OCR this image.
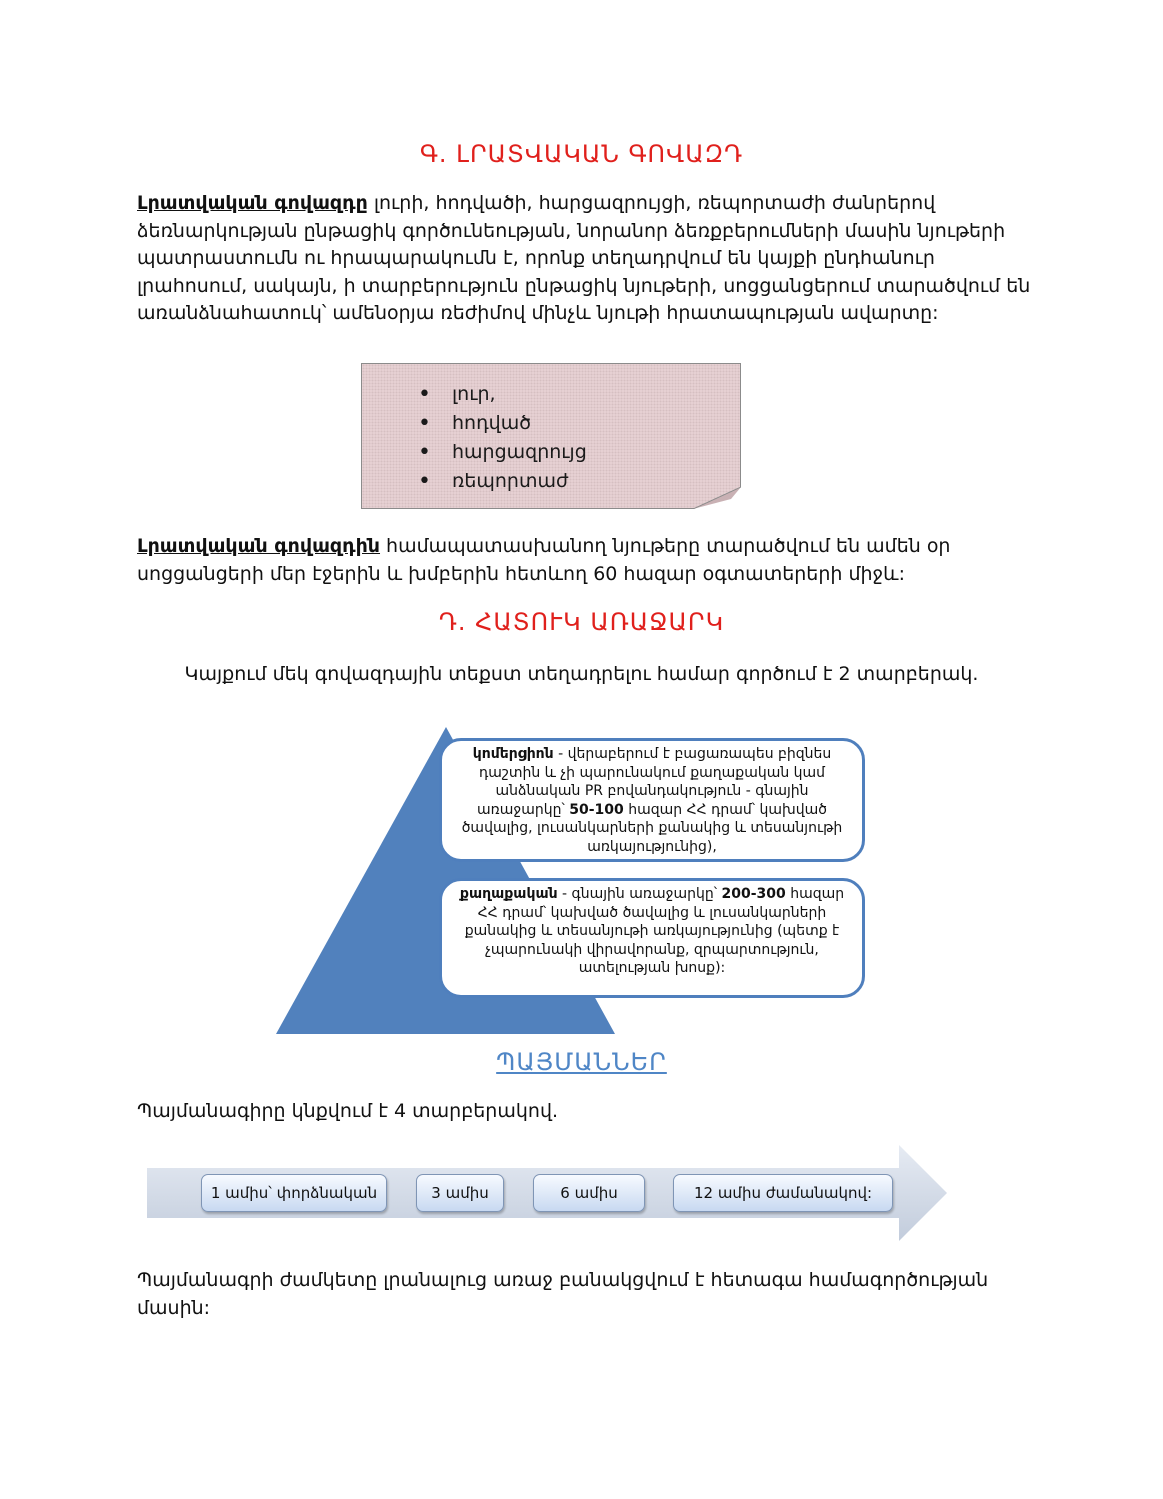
Գ. ԼՐԱՏՎԱԿԱՆ ԳՈՎԱԶԴ
Լրատվական գովազդը լուրի, հոդվածի, հարցազրույցի, ռեպորտաժի ժանրերով ձեռնարկության ընթացիկ գործունեության, նորանոր ձեռքբերումների մասին նյութերի պատրաստումն ու հրապարակումն է, որոնք տեղադրվում են կայքի ընդհանուր լրահոսում, սակայն, ի տարբերություն ընթացիկ նյութերի, սոցցանցերում տարածվում են առանձնահատուկ՝ ամենօրյա ռեժիմով մինչև նյութի հրատապության ավարտը:
• լուր,
• հոդված
• հարցազրույց
• ռեպորտաժ
Լրատվական գովազդին համապատասխանող նյութերը տարածվում են ամեն օր սոցցանցերի մեր էջերին և խմբերին հետևող 60 հազար օգտատերերի միջև:
Դ. ՀԱՏՈՒԿ ԱՌԱՋԱՐԿ
Կայքում մեկ գովազդային տեքստ տեղադրելու համար գործում է 2 տարբերակ.
կոմերցիոն - վերաբերում է բացառապես բիզնես դաշտին և չի պարունակում քաղաքական կամ անձնական PR բովանդակություն - գնային առաջարկը՝ 50-100 հազար ՀՀ դրամ՝ կախված ծավալից, լուսանկարների քանակից և տեսանյութի առկայությունից),
քաղաքական - գնային առաջարկը՝ 200-300 հազար ՀՀ դրամ՝ կախված ծավալից և լուսանկարների քանակից և տեսանյութի առկայությունից (պետք է չպարունակի վիրավորանք, զրպարտություն, ատելության խոսք):
ՊԱՅՄԱՆՆԵՐ
Պայմանագիրը կնքվում է 4 տարբերակով.
1 ամիս՝ փորձնական	3 ամիս	6 ամիս	12 ամիս ժամանակով:
Պայմանագրի ժամկետը լրանալուց առաջ բանակցվում է հետագա համագործության մասին:
